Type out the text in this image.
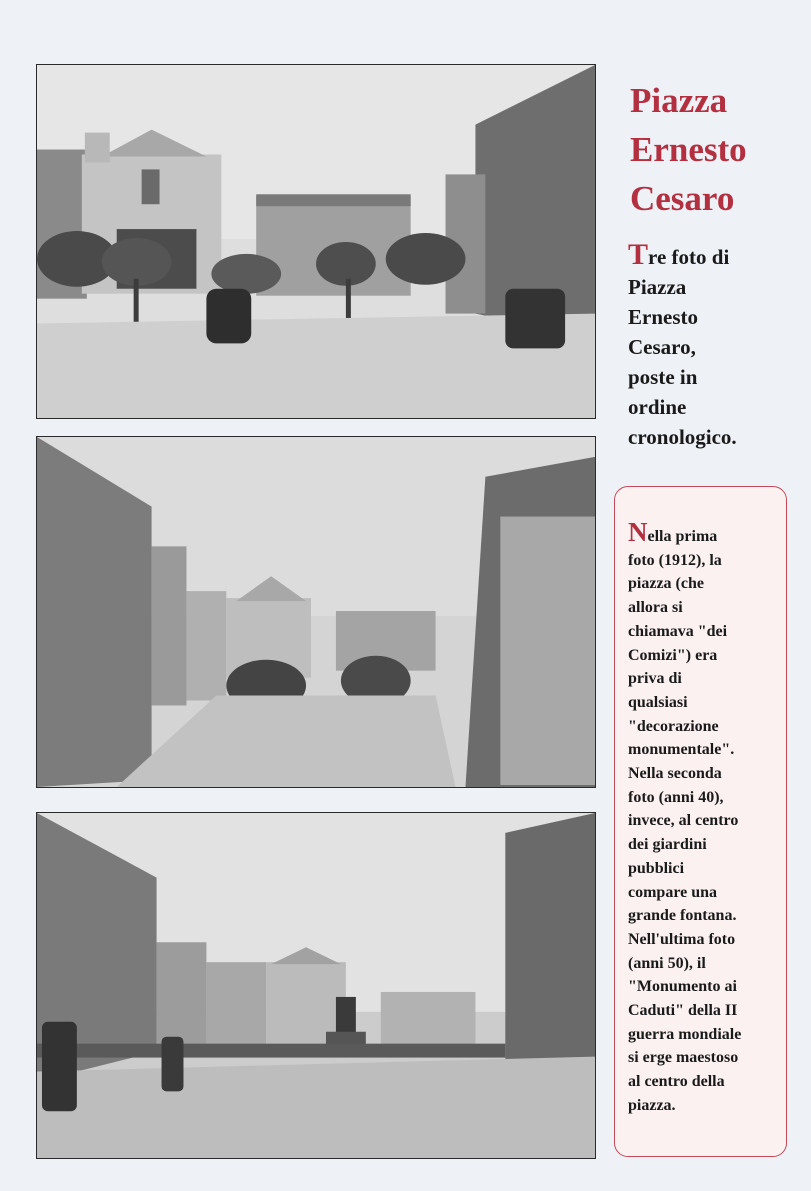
Piazza
Ernesto
Cesaro
Tre foto di
Piazza
Ernesto
Cesaro,
poste in
ordine
cronologico.
Nella prima
foto (1912), la
piazza (che
allora si
chiamava "dei
Comizi") era
priva di
qualsiasi
"decorazione
monumentale".
Nella seconda
foto (anni 40),
invece, al centro
dei giardini
pubblici
compare una
grande fontana.
Nell'ultima foto
(anni 50), il
"Monumento ai
Caduti" della II
guerra mondiale
si erge maestoso
al centro della
piazza.
